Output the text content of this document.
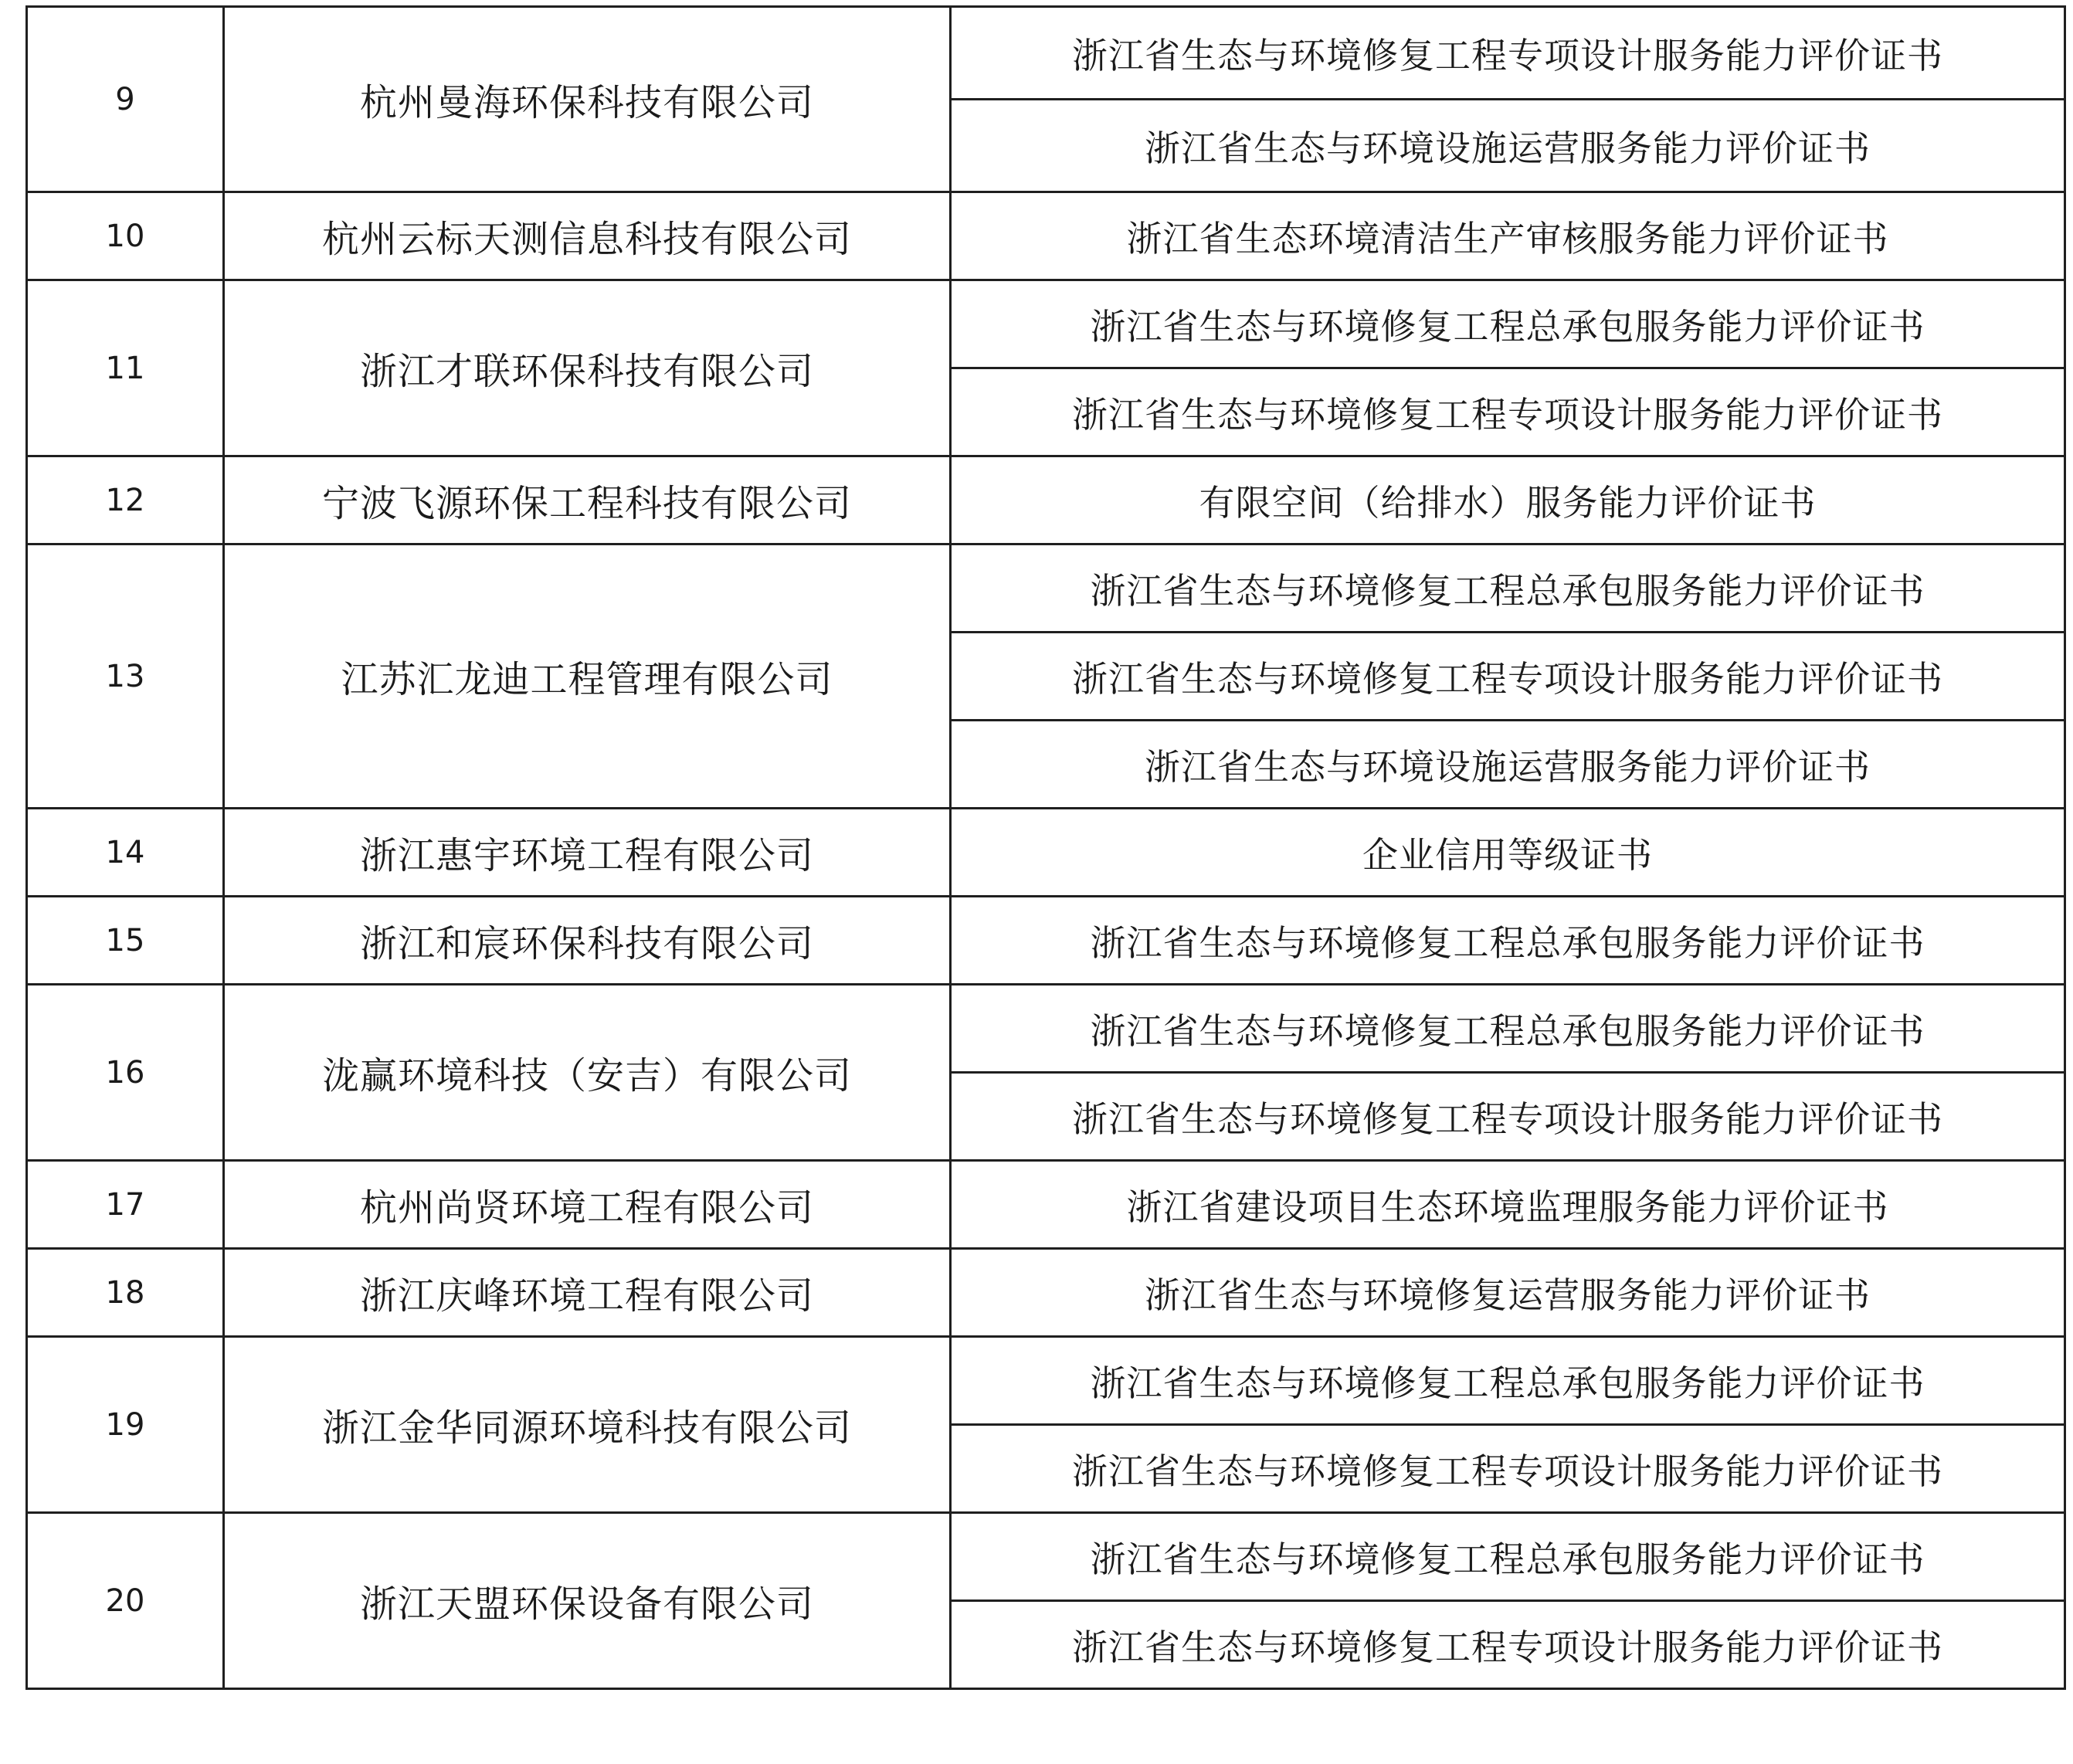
9	杭州曼海环保科技有限公司	浙江省生态与环境修复工程专项设计服务能力评价证书
		浙江省生态与环境设施运营服务能力评价证书
10	杭州云标天测信息科技有限公司	浙江省生态环境清洁生产审核服务能力评价证书
11	浙江才联环保科技有限公司	浙江省生态与环境修复工程总承包服务能力评价证书
		浙江省生态与环境修复工程专项设计服务能力评价证书
12	宁波飞源环保工程科技有限公司	有限空间（给排水）服务能力评价证书
13	江苏汇龙迪工程管理有限公司	浙江省生态与环境修复工程总承包服务能力评价证书
		浙江省生态与环境修复工程专项设计服务能力评价证书
		浙江省生态与环境设施运营服务能力评价证书
14	浙江惠宇环境工程有限公司	企业信用等级证书
15	浙江和宸环保科技有限公司	浙江省生态与环境修复工程总承包服务能力评价证书
16	泷赢环境科技（安吉）有限公司	浙江省生态与环境修复工程总承包服务能力评价证书
		浙江省生态与环境修复工程专项设计服务能力评价证书
17	杭州尚贤环境工程有限公司	浙江省建设项目生态环境监理服务能力评价证书
18	浙江庆峰环境工程有限公司	浙江省生态与环境修复运营服务能力评价证书
19	浙江金华同源环境科技有限公司	浙江省生态与环境修复工程总承包服务能力评价证书
		浙江省生态与环境修复工程专项设计服务能力评价证书
20	浙江天盟环保设备有限公司	浙江省生态与环境修复工程总承包服务能力评价证书
		浙江省生态与环境修复工程专项设计服务能力评价证书
